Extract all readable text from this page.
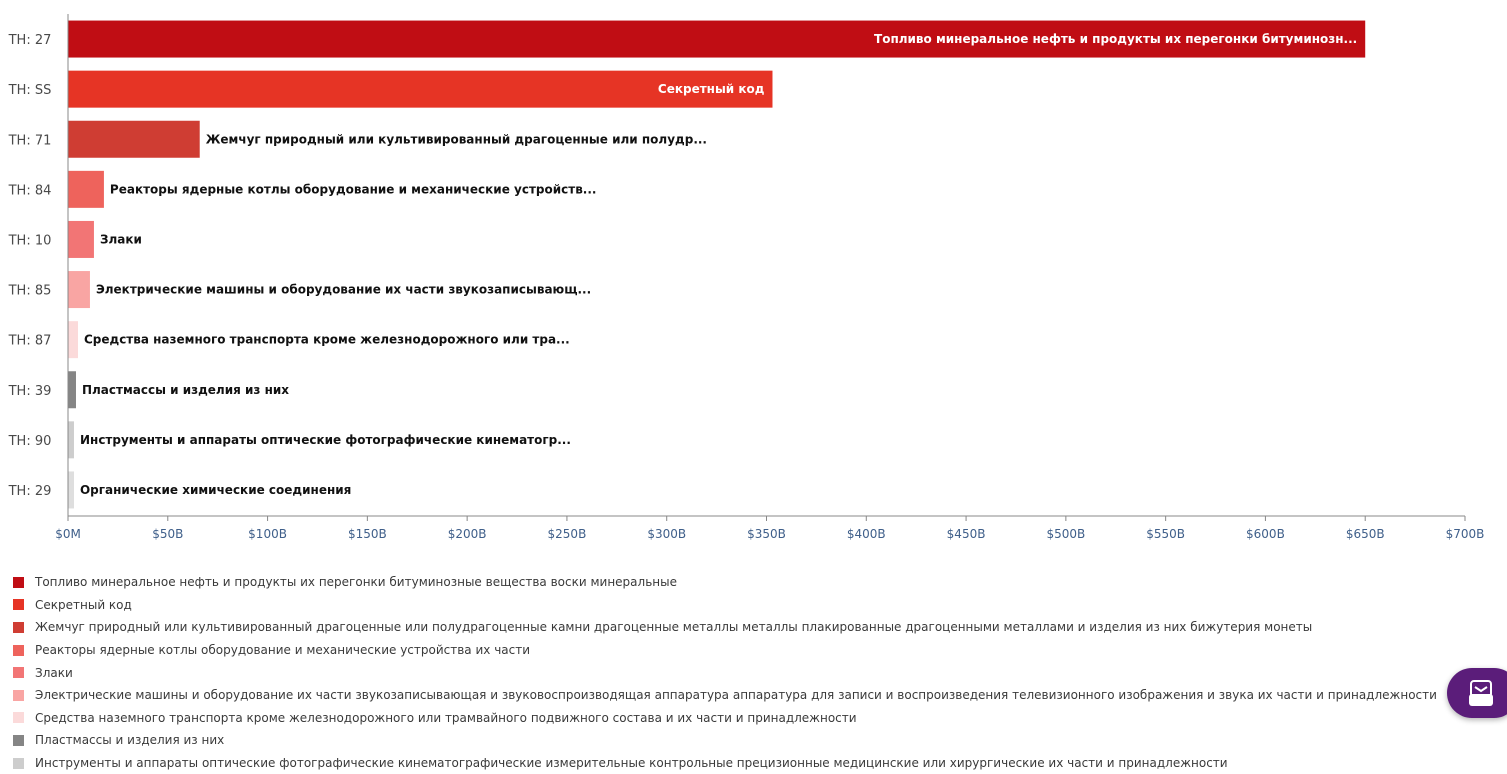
Топливо минеральное нефть и продукты их перегонки битуминозн...
Секретный код
Жемчуг природный или культивированный драгоценные или полудр...
Реакторы ядерные котлы оборудование и механические устройств...
Злаки
Электрические машины и оборудование их части звукозаписывающ...
Средства наземного транспорта кроме железнодорожного или тра...
Пластмассы и изделия из них
Инструменты и аппараты оптические фотографические кинематогр...
Органические химические соединения
TH: 27
TH: SS
TH: 71
TH: 84
TH: 10
TH: 85
TH: 87
TH: 39
TH: 90
TH: 29
$0M	$50B	$100B	$150B	$200B	$250B	$300B	$350B	$400B	$450B	$500B	$550B	$600B	$650B	$700B
Топливо минеральное нефть и продукты их перегонки битуминозные вещества воски минеральные
Секретный код
Жемчуг природный или культивированный драгоценные или полудрагоценные камни драгоценные металлы металлы плакированные драгоценными металлами и изделия из них бижутерия монеты
Реакторы ядерные котлы оборудование и механические устройства их части
Злаки
Электрические машины и оборудование их части звукозаписывающая и звуковоспроизводящая аппаратура аппаратура для записи и воспроизведения телевизионного изображения и звука их части и принадлежности
Средства наземного транспорта кроме железнодорожного или трамвайного подвижного состава и их части и принадлежности
Пластмассы и изделия из них
Инструменты и аппараты оптические фотографические кинематографические измерительные контрольные прецизионные медицинские или хирургические их части и принадлежности
